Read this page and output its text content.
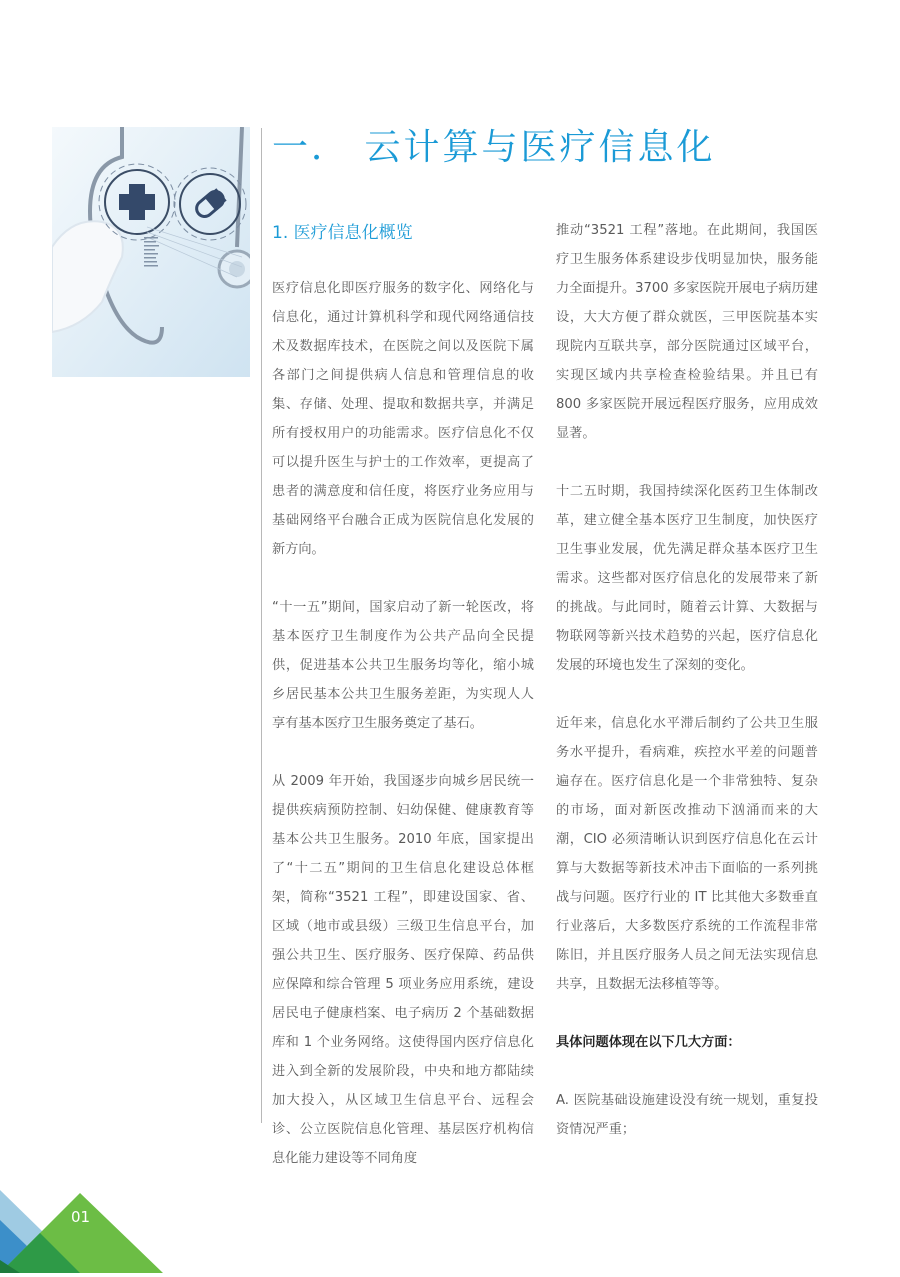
一． 云计算与医疗信息化
1. 医疗信息化概览

医疗信息化即医疗服务的数字化、网络化与信息化，通过计算机科学和现代网络通信技术及数据库技术，在医院之间以及医院下属各部门之间提供病人信息和管理信息的收集、存储、处理、提取和数据共享，并满足所有授权用户的功能需求。医疗信息化不仅可以提升医生与护士的工作效率，更提高了患者的满意度和信任度，将医疗业务应用与基础网络平台融合正成为医院信息化发展的新方向。

“十一五”期间，国家启动了新一轮医改，将基本医疗卫生制度作为公共产品向全民提供，促进基本公共卫生服务均等化，缩小城乡居民基本公共卫生服务差距，为实现人人享有基本医疗卫生服务奠定了基石。

从 2009 年开始，我国逐步向城乡居民统一提供疾病预防控制、妇幼保健、健康教育等基本公共卫生服务。2010 年底，国家提出了“十二五”期间的卫生信息化建设总体框架，简称“3521 工程”，即建设国家、省、区域（地市或县级）三级卫生信息平台，加强公共卫生、医疗服务、医疗保障、药品供应保障和综合管理 5 项业务应用系统，建设居民电子健康档案、电子病历 2 个基础数据库和 1 个业务网络。这使得国内医疗信息化进入到全新的发展阶段，中央和地方都陆续加大投入，从区域卫生信息平台、远程会诊、公立医院信息化管理、基层医疗机构信息化能力建设等不同角度

推动“3521 工程”落地。在此期间，我国医疗卫生服务体系建设步伐明显加快，服务能力全面提升。3700 多家医院开展电子病历建设，大大方便了群众就医，三甲医院基本实现院内互联共享，部分医院通过区域平台，实现区域内共享检查检验结果。并且已有 800 多家医院开展远程医疗服务，应用成效显著。

十二五时期，我国持续深化医药卫生体制改革，建立健全基本医疗卫生制度，加快医疗卫生事业发展，优先满足群众基本医疗卫生需求。这些都对医疗信息化的发展带来了新的挑战。与此同时，随着云计算、大数据与物联网等新兴技术趋势的兴起，医疗信息化发展的环境也发生了深刻的变化。

近年来，信息化水平滞后制约了公共卫生服务水平提升，看病难，疾控水平差的问题普遍存在。医疗信息化是一个非常独特、复杂的市场，面对新医改推动下汹涌而来的大潮，CIO 必须清晰认识到医疗信息化在云计算与大数据等新技术冲击下面临的一系列挑战与问题。医疗行业的 IT 比其他大多数垂直行业落后，大多数医疗系统的工作流程非常陈旧，并且医疗服务人员之间无法实现信息共享，且数据无法移植等等。

具体问题体现在以下几大方面：

A. 医院基础设施建设没有统一规划，重复投资情况严重；

01
